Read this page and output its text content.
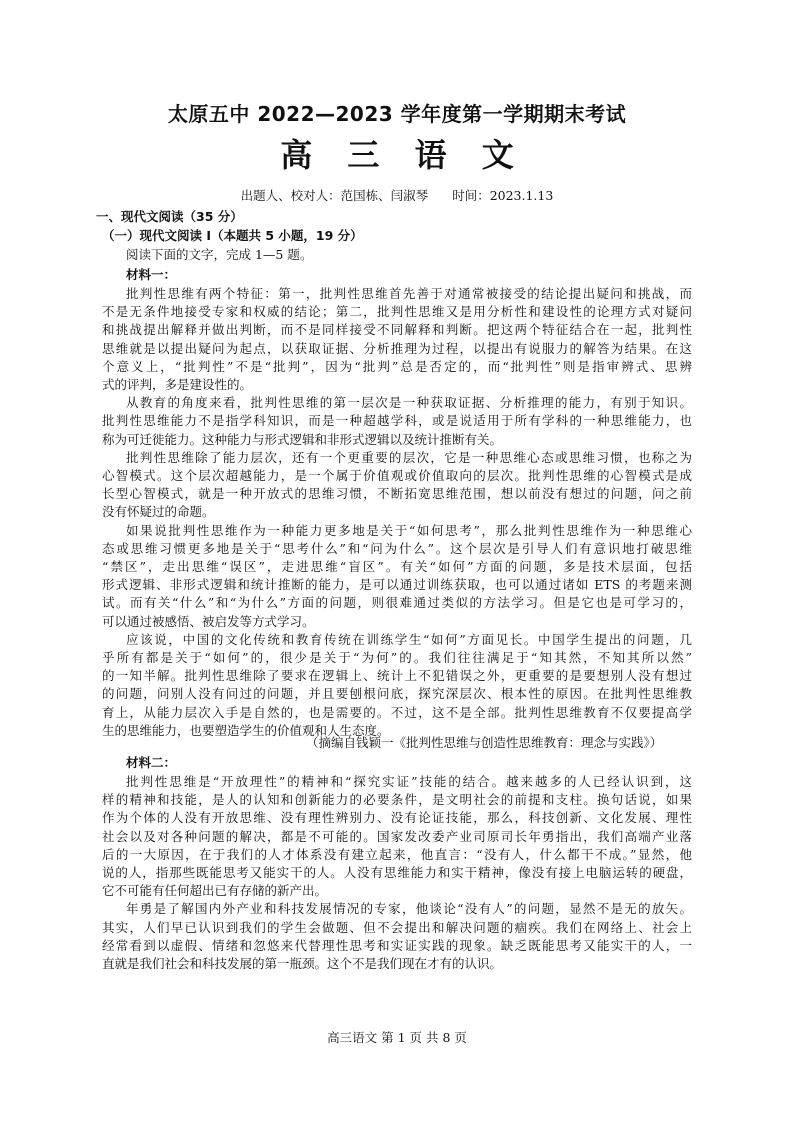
太原五中 2022—2023 学年度第一学期期末考试
高 三 语 文
出题人、校对人：范国栋、闫淑琴 时间：2023.1.13
一、现代文阅读（35 分）
（一）现代文阅读 I（本题共 5 小题，19 分）
阅读下面的文字，完成 1—5 题。
材料一：
批判性思维有两个特征：第一，批判性思维首先善于对通常被接受的结论提出疑问和挑战，而
不是无条件地接受专家和权威的结论；第二，批判性思维又是用分析性和建设性的论理方式对疑问
和挑战提出解释并做出判断，而不是同样接受不同解释和判断。把这两个特征结合在一起，批判性
思维就是以提出疑问为起点，以获取证据、分析推理为过程，以提出有说服力的解答为结果。在这
个意义上，“批判性”不是“批判”，因为“批判”总是否定的，而“批判性”则是指审辨式、思辨
式的评判，多是建设性的。
从教育的角度来看，批判性思维的第一层次是一种获取证据、分析推理的能力，有别于知识。
批判性思维能力不是指学科知识，而是一种超越学科，或是说适用于所有学科的一种思维能力，也
称为可迁徙能力。这种能力与形式逻辑和非形式逻辑以及统计推断有关。
批判性思维除了能力层次，还有一个更重要的层次，它是一种思维心态或思维习惯，也称之为
心智模式。这个层次超越能力，是一个属于价值观或价值取向的层次。批判性思维的心智模式是成
长型心智模式，就是一种开放式的思维习惯，不断拓宽思维范围，想以前没有想过的问题，问之前
没有怀疑过的命题。
如果说批判性思维作为一种能力更多地是关于“如何思考”，那么批判性思维作为一种思维心
态或思维习惯更多地是关于“思考什么”和“问为什么”。这个层次是引导人们有意识地打破思维
“禁区”，走出思维“误区”，走进思维“盲区”。有关“如何”方面的问题，多是技术层面，包括
形式逻辑、非形式逻辑和统计推断的能力，是可以通过训练获取，也可以通过诸如 ETS 的考题来测
试。而有关“什么”和“为什么”方面的问题，则很难通过类似的方法学习。但是它也是可学习的，
可以通过被感悟、被启发等方式学习。
应该说，中国的文化传统和教育传统在训练学生“如何”方面见长。中国学生提出的问题，几
乎所有都是关于“如何”的，很少是关于“为何”的。我们往往满足于“知其然，不知其所以然”
的一知半解。批判性思维除了要求在逻辑上、统计上不犯错误之外，更重要的是要想别人没有想过
的问题，问别人没有问过的问题，并且要刨根问底，探究深层次、根本性的原因。在批判性思维教
育上，从能力层次入手是自然的，也是需要的。不过，这不是全部。批判性思维教育不仅要提高学
生的思维能力，也要塑造学生的价值观和人生态度。
（摘编自钱颖一《批判性思维与创造性思维教育：理念与实践》）
材料二：
批判性思维是“开放理性”的精神和“探究实证”技能的结合。越来越多的人已经认识到，这
样的精神和技能，是人的认知和创新能力的必要条件，是文明社会的前提和支柱。换句话说，如果
作为个体的人没有开放思维、没有理性辨别力、没有论证技能，那么，科技创新、文化发展、理性
社会以及对各种问题的解决，都是不可能的。国家发改委产业司原司长年勇指出，我们高端产业落
后的一大原因，在于我们的人才体系没有建立起来，他直言：“没有人，什么都干不成。”显然，他
说的人，指那些既能思考又能实干的人。人没有思维能力和实干精神，像没有接上电脑运转的硬盘，
它不可能有任何超出已有存储的新产出。
年勇是了解国内外产业和科技发展情况的专家，他谈论“没有人”的问题，显然不是无的放矢。
其实，人们早已认识到我们的学生会做题、但不会提出和解决问题的痼疾。我们在网络上、社会上
经常看到以虚假、情绪和忽悠来代替理性思考和实证实践的现象。缺乏既能思考又能实干的人，一
直就是我们社会和科技发展的第一瓶颈。这个不是我们现在才有的认识。
高三语文 第 1 页 共 8 页
